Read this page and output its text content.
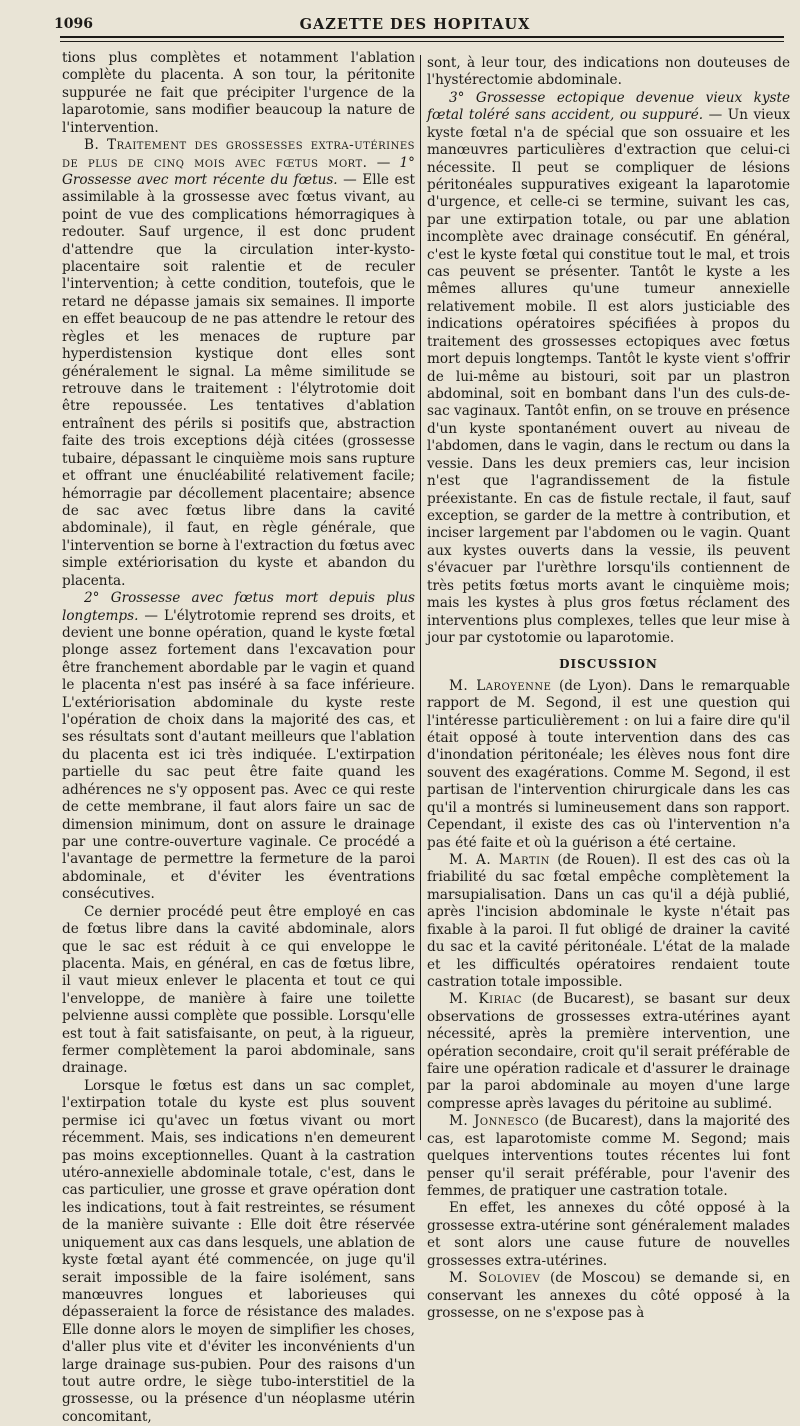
1096	GAZETTE DES HOPITAUX

tions plus complètes et notamment l'ablation complète du placenta. A son tour, la péritonite suppurée ne fait que précipiter l'urgence de la laparotomie, sans modifier beaucoup la nature de l'intervention.

B. Traitement des grossesses extra-utérines de plus de cinq mois avec fœtus mort. — 1° Grossesse avec mort récente du fœtus. — Elle est assimilable à la grossesse avec fœtus vivant, au point de vue des complications hémorragiques à redouter. Sauf urgence, il est donc prudent d'attendre que la circulation inter-kysto-placentaire soit ralentie et de reculer l'intervention; à cette condition, toutefois, que le retard ne dépasse jamais six semaines. Il importe en effet beaucoup de ne pas attendre le retour des règles et les menaces de rupture par hyperdistension kystique dont elles sont généralement le signal. La même similitude se retrouve dans le traitement : l'élytrotomie doit être repoussée. Les tentatives d'ablation entraînent des périls si positifs que, abstraction faite des trois exceptions déjà citées (grossesse tubaire, dépassant le cinquième mois sans rupture et offrant une énucléabilité relativement facile; hémorragie par décollement placentaire; absence de sac avec fœtus libre dans la cavité abdominale), il faut, en règle générale, que l'intervention se borne à l'extraction du fœtus avec simple extériorisation du kyste et abandon du placenta.

2° Grossesse avec fœtus mort depuis plus longtemps. — L'élytrotomie reprend ses droits, et devient une bonne opération, quand le kyste fœtal plonge assez fortement dans l'excavation pour être franchement abordable par le vagin et quand le placenta n'est pas inséré à sa face inférieure. L'extériorisation abdominale du kyste reste l'opération de choix dans la majorité des cas, et ses résultats sont d'autant meilleurs que l'ablation du placenta est ici très indiquée. L'extirpation partielle du sac peut être faite quand les adhérences ne s'y opposent pas. Avec ce qui reste de cette membrane, il faut alors faire un sac de dimension minimum, dont on assure le drainage par une contre-ouverture vaginale. Ce procédé a l'avantage de permettre la fermeture de la paroi abdominale, et d'éviter les éventrations consécutives.

Ce dernier procédé peut être employé en cas de fœtus libre dans la cavité abdominale, alors que le sac est réduit à ce qui enveloppe le placenta. Mais, en général, en cas de fœtus libre, il vaut mieux enlever le placenta et tout ce qui l'enveloppe, de manière à faire une toilette pelvienne aussi complète que possible. Lorsqu'elle est tout à fait satisfaisante, on peut, à la rigueur, fermer complètement la paroi abdominale, sans drainage.

Lorsque le fœtus est dans un sac complet, l'extirpation totale du kyste est plus souvent permise ici qu'avec un fœtus vivant ou mort récemment. Mais, ses indications n'en demeurent pas moins exceptionnelles. Quant à la castration utéro-annexielle abdominale totale, c'est, dans le cas particulier, une grosse et grave opération dont les indications, tout à fait restreintes, se résument de la manière suivante : Elle doit être réservée uniquement aux cas dans lesquels, une ablation de kyste fœtal ayant été commencée, on juge qu'il serait impossible de la faire isolément, sans manœuvres longues et laborieuses qui dépasseraient la force de résistance des malades. Elle donne alors le moyen de simplifier les choses, d'aller plus vite et d'éviter les inconvénients d'un large drainage sus-pubien. Pour des raisons d'un tout autre ordre, le siège tubo-interstitiel de la grossesse, ou la présence d'un néoplasme utérin concomitant,

sont, à leur tour, des indications non douteuses de l'hystérectomie abdominale.

3° Grossesse ectopique devenue vieux kyste fœtal toléré sans accident, ou suppuré. — Un vieux kyste fœtal n'a de spécial que son ossuaire et les manœuvres particulières d'extraction que celui-ci nécessite. Il peut se compliquer de lésions péritonéales suppuratives exigeant la laparotomie d'urgence, et celle-ci se termine, suivant les cas, par une extirpation totale, ou par une ablation incomplète avec drainage consécutif. En général, c'est le kyste fœtal qui constitue tout le mal, et trois cas peuvent se présenter. Tantôt le kyste a les mêmes allures qu'une tumeur annexielle relativement mobile. Il est alors justiciable des indications opératoires spécifiées à propos du traitement des grossesses ectopiques avec fœtus mort depuis longtemps. Tantôt le kyste vient s'offrir de lui-même au bistouri, soit par un plastron abdominal, soit en bombant dans l'un des culs-de-sac vaginaux. Tantôt enfin, on se trouve en présence d'un kyste spontanément ouvert au niveau de l'abdomen, dans le vagin, dans le rectum ou dans la vessie. Dans les deux premiers cas, leur incision n'est que l'agrandissement de la fistule préexistante. En cas de fistule rectale, il faut, sauf exception, se garder de la mettre à contribution, et inciser largement par l'abdomen ou le vagin. Quant aux kystes ouverts dans la vessie, ils peuvent s'évacuer par l'urèthre lorsqu'ils contiennent de très petits fœtus morts avant le cinquième mois; mais les kystes à plus gros fœtus réclament des interventions plus complexes, telles que leur mise à jour par cystotomie ou laparotomie.

DISCUSSION

M. Laroyenne (de Lyon). Dans le remarquable rapport de M. Segond, il est une question qui l'intéresse particulièrement : on lui a faire dire qu'il était opposé à toute intervention dans des cas d'inondation péritonéale; les élèves nous font dire souvent des exagérations. Comme M. Segond, il est partisan de l'intervention chirurgicale dans les cas qu'il a montrés si lumineusement dans son rapport. Cependant, il existe des cas où l'intervention n'a pas été faite et où la guérison a été certaine.

M. A. Martin (de Rouen). Il est des cas où la friabilité du sac fœtal empêche complètement la marsupialisation. Dans un cas qu'il a déjà publié, après l'incision abdominale le kyste n'était pas fixable à la paroi. Il fut obligé de drainer la cavité du sac et la cavité péritonéale. L'état de la malade et les difficultés opératoires rendaient toute castration totale impossible.

M. Kiriac (de Bucarest), se basant sur deux observations de grossesses extra-utérines ayant nécessité, après la première intervention, une opération secondaire, croit qu'il serait préférable de faire une opération radicale et d'assurer le drainage par la paroi abdominale au moyen d'une large compresse après lavages du péritoine au sublimé.

M. Jonnesco (de Bucarest), dans la majorité des cas, est laparotomiste comme M. Segond; mais quelques interventions toutes récentes lui font penser qu'il serait préférable, pour l'avenir des femmes, de pratiquer une castration totale.

En effet, les annexes du côté opposé à la grossesse extra-utérine sont généralement malades et sont alors une cause future de nouvelles grossesses extra-utérines.

M. Soloviev (de Moscou) se demande si, en conservant les annexes du côté opposé à la grossesse, on ne s'expose pas à
